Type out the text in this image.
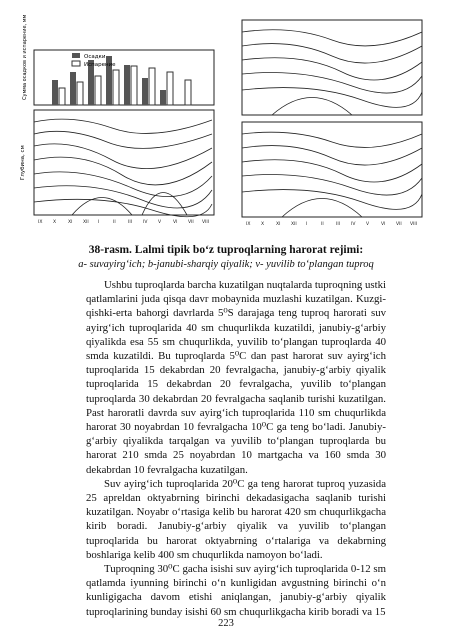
Осадки
Испарение
Сумма осадков и испарение, мм
Глубина, см
IX X	XI XII I	II	III IV V	VI VII VIII	IX X	XI XII I	II	III IV V	VI VII VIII
38-rasm. Lalmi tipik bo‘z tuproqlarning harorat rejimi:
a- suvayirg‘ich; b-janubi-sharqiy qiyalik; v- yuvilib to‘plangan tuproq

Ushbu tuproqlarda barcha kuzatilgan nuqtalarda tuproqning ustki qatlamlarini juda qisqa davr mobaynida muzlashi kuzatilgan. Kuzgi-qishki-erta bahorgi davrlarda 5⁰S darajaga teng tuproq harorati suv ayirg‘ich tuproqlarida 40 sm chuqurlikda kuzatildi, janubiy-g‘arbiy qiyalikda esa 55 sm chuqurlikda, yuvilib to‘plangan tuproqlarda 40 smda kuzatildi. Bu tuproqlarda 5⁰C dan past harorat suv ayirg‘ich tuproqlarida 15 dekabrdan 20 fevralgacha, janubiy-g‘arbiy qiyalik tuproqlarida 15 dekabrdan 20 fevralgacha, yuvilib to‘plangan tuproqlarda 30 dekabrdan 20 fevralgacha saqlanib turishi kuzatilgan. Past haroratli davrda suv ayirg‘ich tuproqlarida 110 sm chuqurlikda harorat 30 noyabrdan 10 fevralgacha 10⁰C ga teng bo‘ladi. Janubiy-g‘arbiy qiyalikda tarqalgan va yuvilib to‘plangan tuproqlarda bu harorat 210 smda 25 noyabrdan 10 martgacha va 160 smda 30 dekabrdan 10 fevralgacha kuzatilgan.

Suv ayirg‘ich tuproqlarida 20⁰C ga teng harorat tuproq yuzasida 25 apreldan oktyabrning birinchi dekadasigacha saqlanib turishi kuzatilgan. Noyabr o‘rtasiga kelib bu harorat 420 sm chuqurlikgacha kirib boradi. Janubiy-g‘arbiy qiyalik va yuvilib to‘plangan tuproqlarida bu harorat oktyabrning o‘rtalariga va dekabrning boshlariga kelib 400 sm chuqurlikda namoyon bo‘ladi.

Tuproqning 30⁰C gacha isishi suv ayirg‘ich tuproqlarida 0-12 sm qatlamda iyunning birinchi o‘n kunligidan avgustning birinchi o‘n kunligigacha davom etishi aniqlangan, janubiy-g‘arbiy qiyalik tuproqlarining bunday isishi 60 sm chuqurlikgacha kirib boradi va 15

223
